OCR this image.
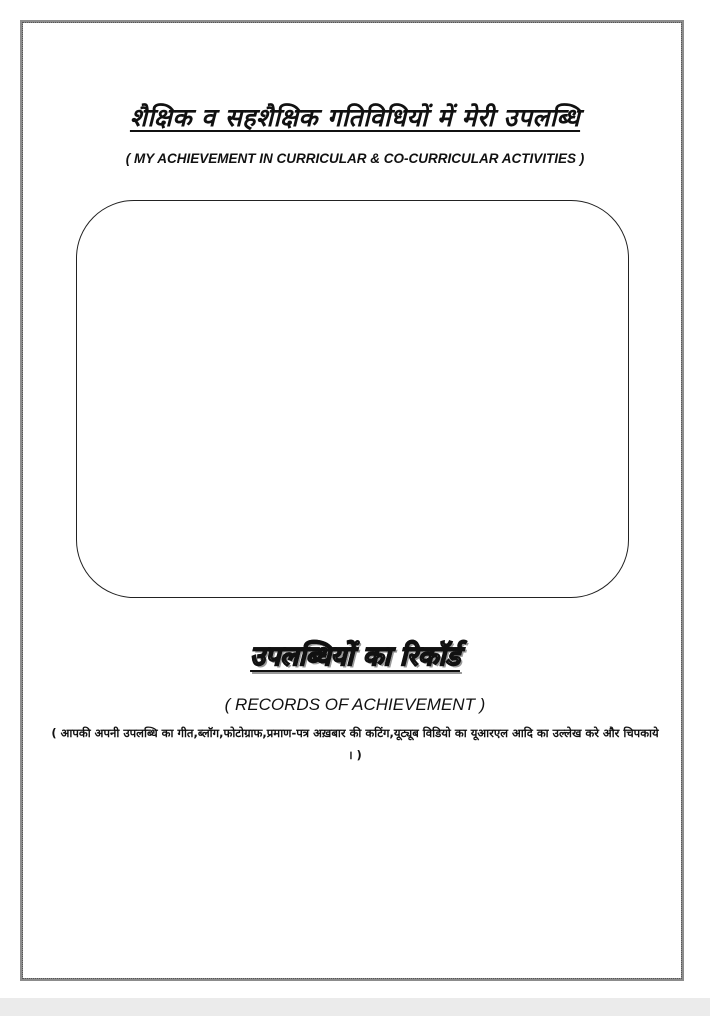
शैक्षिक व सहशैक्षिक गतिविधियों में मेरी उपलब्धि
( MY ACHIEVEMENT IN CURRICULAR & CO-CURRICULAR ACTIVITIES )
उपलब्धियों का रिकॉर्ड
( RECORDS OF ACHIEVEMENT )
( आपकी अपनी उपलब्धि का गीत,ब्लॉग,फोटोग्राफ,प्रमाण-पत्र अख़बार की कटिंग,यूट्यूब विडियो का यूआरएल आदि का उल्लेख करे और चिपकाये । )
